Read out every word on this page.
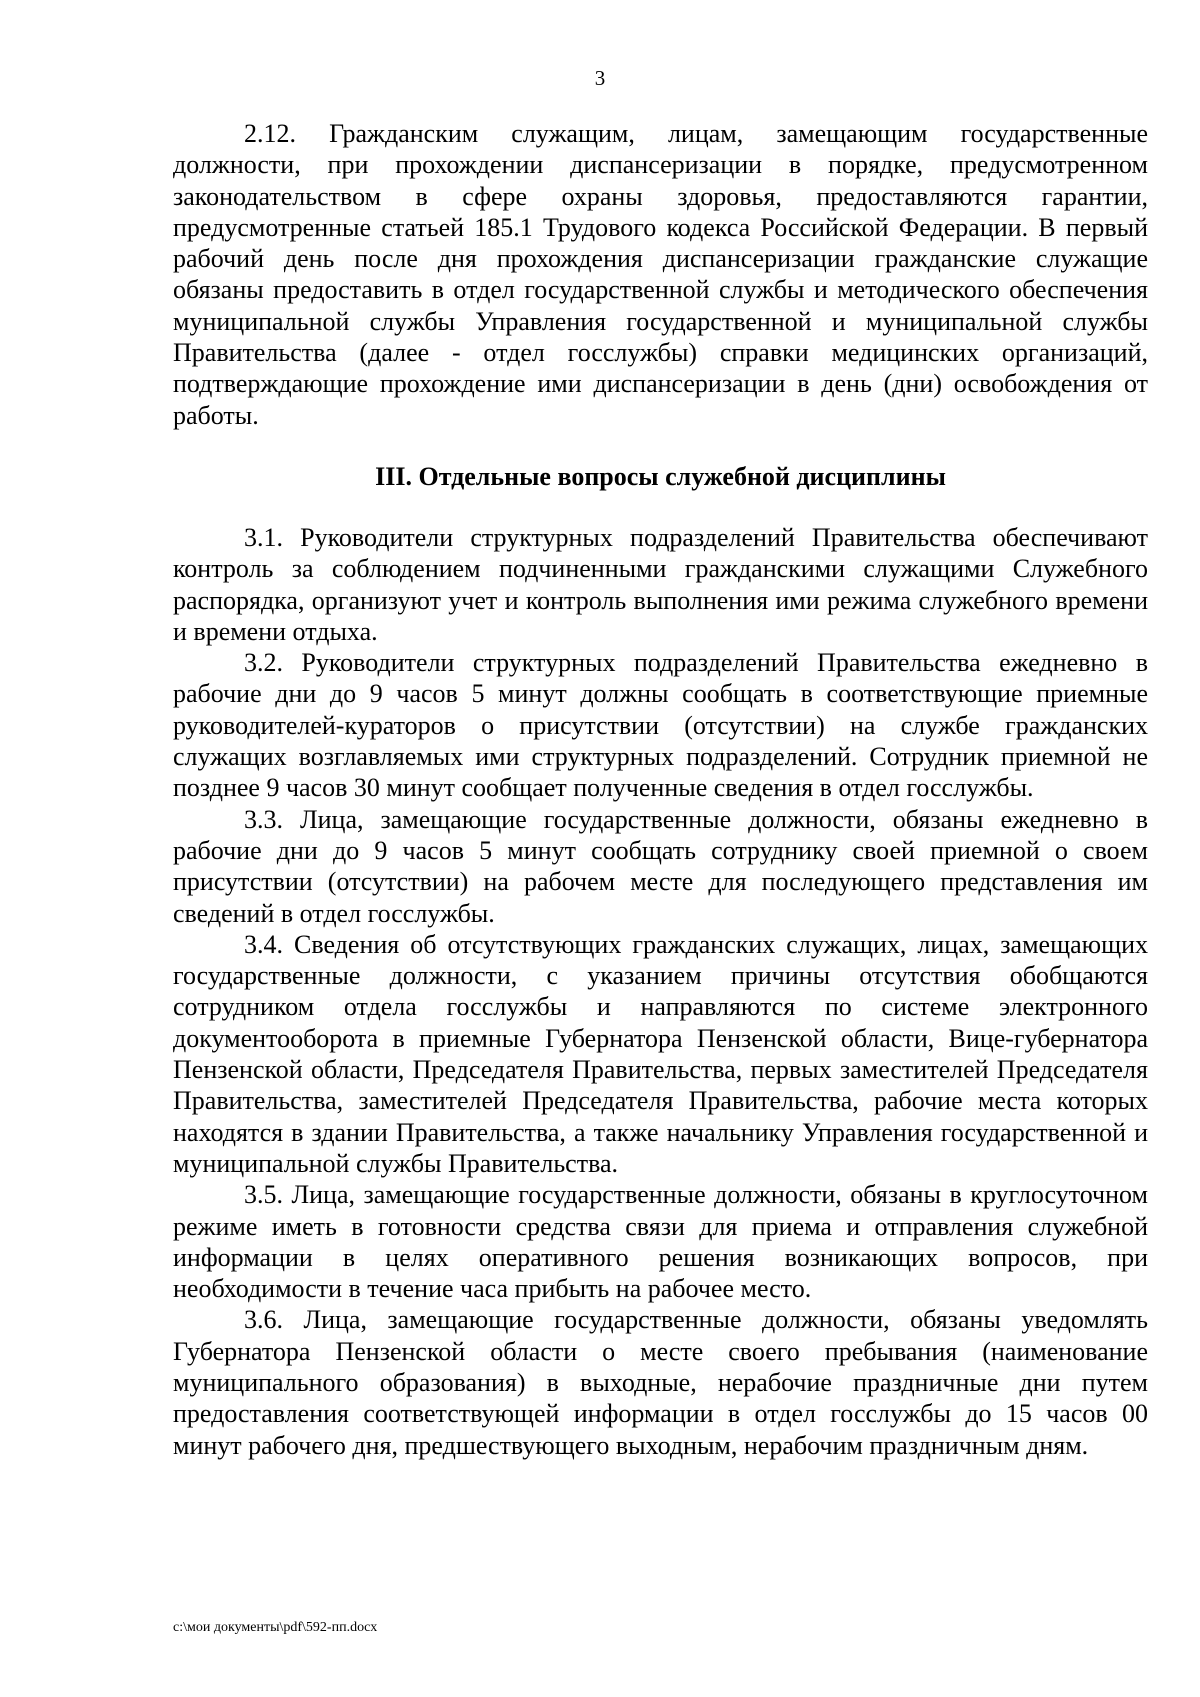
3

2.12. Гражданским служащим, лицам, замещающим государственные должности, при прохождении диспансеризации в порядке, предусмотренном законодательством в сфере охраны здоровья, предоставляются гарантии, предусмотренные статьей 185.1 Трудового кодекса Российской Федерации. В первый рабочий день после дня прохождения диспансеризации гражданские служащие обязаны предоставить в отдел государственной службы и методического обеспечения муниципальной службы Управления государственной и муниципальной службы Правительства (далее - отдел госслужбы) справки медицинских организаций, подтверждающие прохождение ими диспансеризации в день (дни) освобождения от работы.

III. Отдельные вопросы служебной дисциплины

3.1. Руководители структурных подразделений Правительства обеспечивают контроль за соблюдением подчиненными гражданскими служащими Служебного распорядка, организуют учет и контроль выполнения ими режима служебного времени и времени отдыха.

3.2. Руководители структурных подразделений Правительства ежедневно в рабочие дни до 9 часов 5 минут должны сообщать в соответствующие приемные руководителей-кураторов о присутствии (отсутствии) на службе гражданских служащих возглавляемых ими структурных подразделений. Сотрудник приемной не позднее 9 часов 30 минут сообщает полученные сведения в отдел госслужбы.

3.3. Лица, замещающие государственные должности, обязаны ежедневно в рабочие дни до 9 часов 5 минут сообщать сотруднику своей приемной о своем присутствии (отсутствии) на рабочем месте для последующего представления им сведений в отдел госслужбы.

3.4. Сведения об отсутствующих гражданских служащих, лицах, замещающих государственные должности, с указанием причины отсутствия обобщаются сотрудником отдела госслужбы и направляются по системе электронного документооборота в приемные Губернатора Пензенской области, Вице-губернатора Пензенской области, Председателя Правительства, первых заместителей Председателя Правительства, заместителей Председателя Правительства, рабочие места которых находятся в здании Правительства, а также начальнику Управления государственной и муниципальной службы Правительства.

3.5. Лица, замещающие государственные должности, обязаны в круглосуточном режиме иметь в готовности средства связи для приема и отправления служебной информации в целях оперативного решения возникающих вопросов, при необходимости в течение часа прибыть на рабочее место.

3.6. Лица, замещающие государственные должности, обязаны уведомлять Губернатора Пензенской области о месте своего пребывания (наименование муниципального образования) в выходные, нерабочие праздничные дни путем предоставления соответствующей информации в отдел госслужбы до 15 часов 00 минут рабочего дня, предшествующего выходным, нерабочим праздничным дням.

c:\мои документы\pdf\592-пп.docx
